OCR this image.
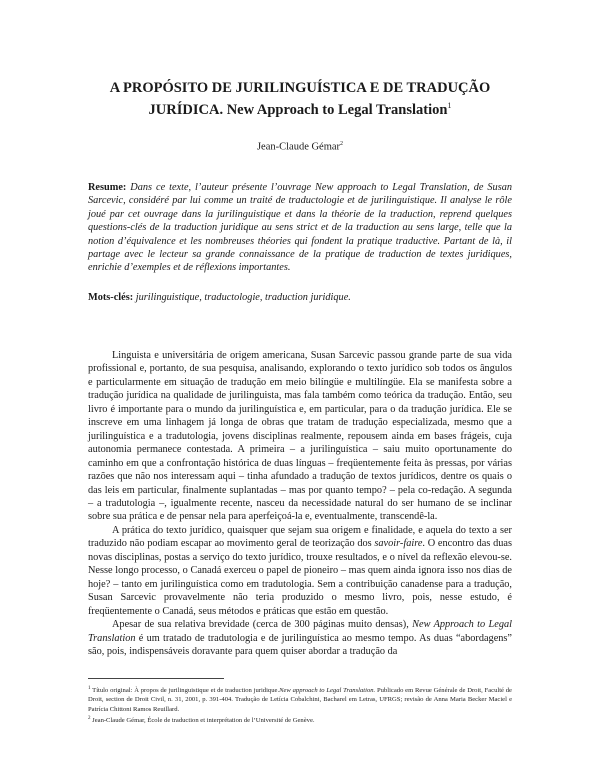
A PROPÓSITO DE JURILINGUÍSTICA E DE TRADUÇÃO
JURÍDICA. New Approach to Legal Translation$^1$
Jean-Claude Gémar$^2$
Resume: Dans ce texte, l’auteur présente l’ouvrage New approach to Legal Translation, de Susan Sarcevic, considéré par lui comme un traité de traductologie et de jurilinguistique. Il analyse le rôle joué par cet ouvrage dans la jurilinguistique et dans la théorie de la traduction, reprend quelques questions-clés de la traduction juridique au sens strict et de la traduction au sens large, telle que la notion d’équivalence et les nombreuses théories qui fondent la pratique traductive. Partant de là, il partage avec le lecteur sa grande connaissance de la pratique de traduction de textes juridiques, enrichie d’exemples et de réflexions importantes.
Mots-clés: jurilinguistique, traductologie, traduction juridique.

Linguista e universitária de origem americana, Susan Sarcevic passou grande parte de sua vida profissional e, portanto, de sua pesquisa, analisando, explorando o texto jurídico sob todos os ângulos e particularmente em situação de tradução em meio bilíngüe e multilíngüe. Ela se manifesta sobre a tradução jurídica na qualidade de jurilinguista, mas fala também como teórica da tradução. Então, seu livro é importante para o mundo da jurilinguística e, em particular, para o da tradução jurídica. Ele se inscreve em uma linhagem já longa de obras que tratam de tradução especializada, mesmo que a jurilinguística e a tradutologia, jovens disciplinas realmente, repousem ainda em bases frágeis, cuja autonomia permanece contestada. A primeira – a jurilinguística – saiu muito oportunamente do caminho em que a confrontação histórica de duas línguas – freqüentemente feita às pressas, por várias razões que não nos interessam aqui – tinha afundado a tradução de textos jurídicos, dentre os quais o das leis em particular, finalmente suplantadas – mas por quanto tempo? – pela co-redação. A segunda – a tradutologia –, igualmente recente, nasceu da necessidade natural do ser humano de se inclinar sobre sua prática e de pensar nela para aperfeiçoá-la e, eventualmente, transcendê-la.

A prática do texto jurídico, quaisquer que sejam sua origem e finalidade, e aquela do texto a ser traduzido não podiam escapar ao movimento geral de teorização dos savoir-faire. O encontro das duas novas disciplinas, postas a serviço do texto jurídico, trouxe resultados, e o nível da reflexão elevou-se. Nesse longo processo, o Canadá exerceu o papel de pioneiro – mas quem ainda ignora isso nos dias de hoje? – tanto em jurilinguística como em tradutologia. Sem a contribuição canadense para a tradução, Susan Sarcevic provavelmente não teria produzido o mesmo livro, pois, nesse estudo, é freqüentemente o Canadá, seus métodos e práticas que estão em questão.

Apesar de sua relativa brevidade (cerca de 300 páginas muito densas), New Approach to Legal Translation é um tratado de tradutologia e de jurilinguística ao mesmo tempo. As duas “abordagens” são, pois, indispensáveis doravante para quem quiser abordar a tradução da

$^1$ Título original: À propos de jurilinguistique et de traduction juridique.New approach to Legal Translation. Publicado em Revue Générale de Droit, Faculté de Droit, section de Droit Civil, n. 31, 2001, p. 391-404. Tradução de Letícia Cobalchini, Bacharel em Letras, UFRGS; revisão de Anna Maria Becker Maciel e Patrícia Chittoni Ramos Reuillard.

$^2$ Jean-Claude Gémar, École de traduction et interprétation de l’Université de Genève.
